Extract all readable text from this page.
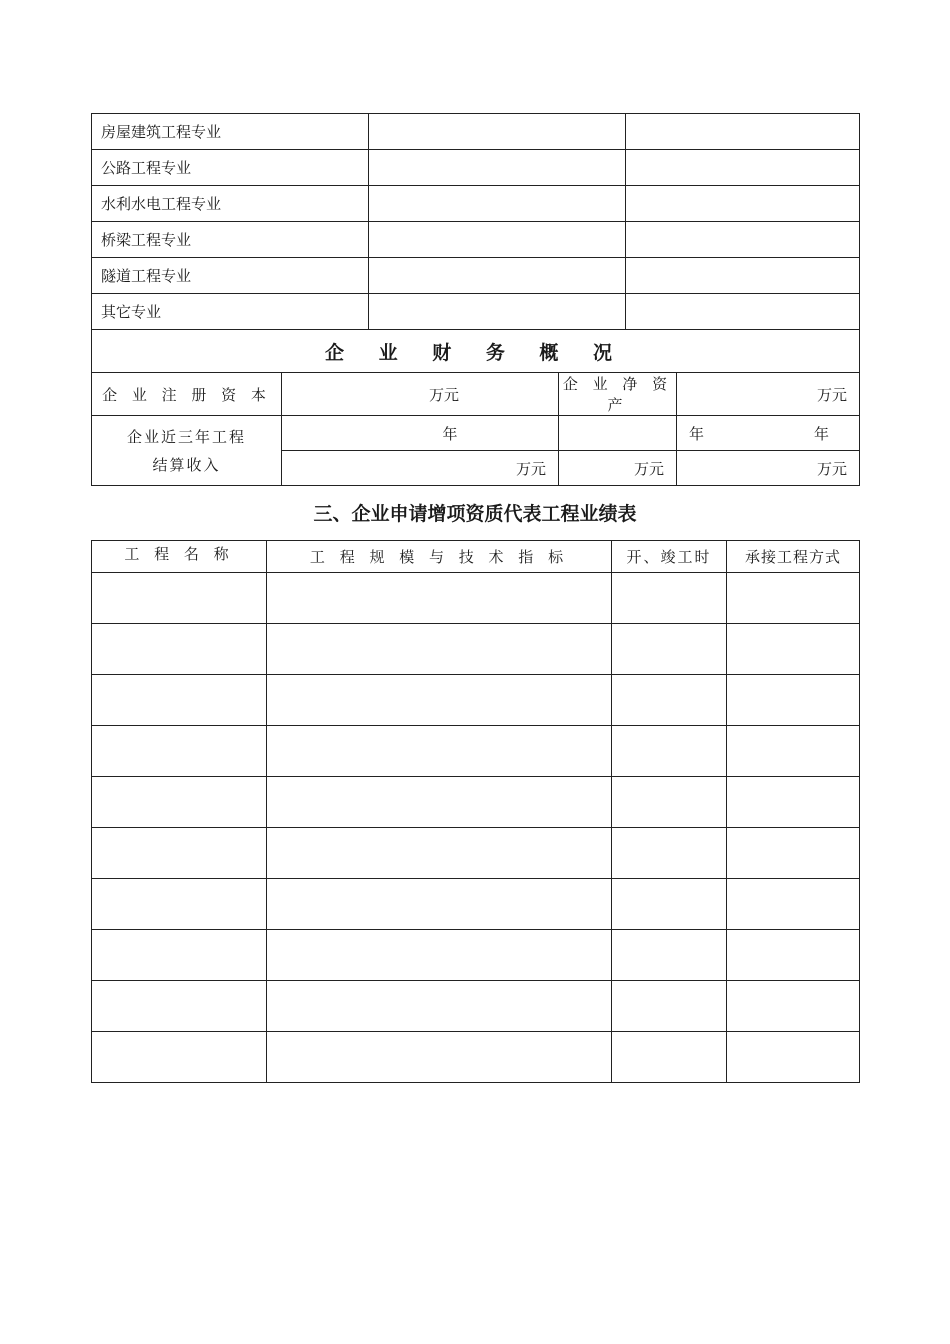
房屋建筑工程专业					
公路工程专业					
水利水电工程专业					
桥梁工程专业					
隧道工程专业					
其它专业					
企 业 财 务 概 况					
企 业 注 册 资 本	万元		企 业 净 资 产		万元
企业近三年工程
结算收入	年		年		年
	万元		万元		万元
三、企业申请增项资质代表工程业绩表
工 程 名 称	工 程 规 模 与 技 术 指 标	开、竣工时	承接工程方式
